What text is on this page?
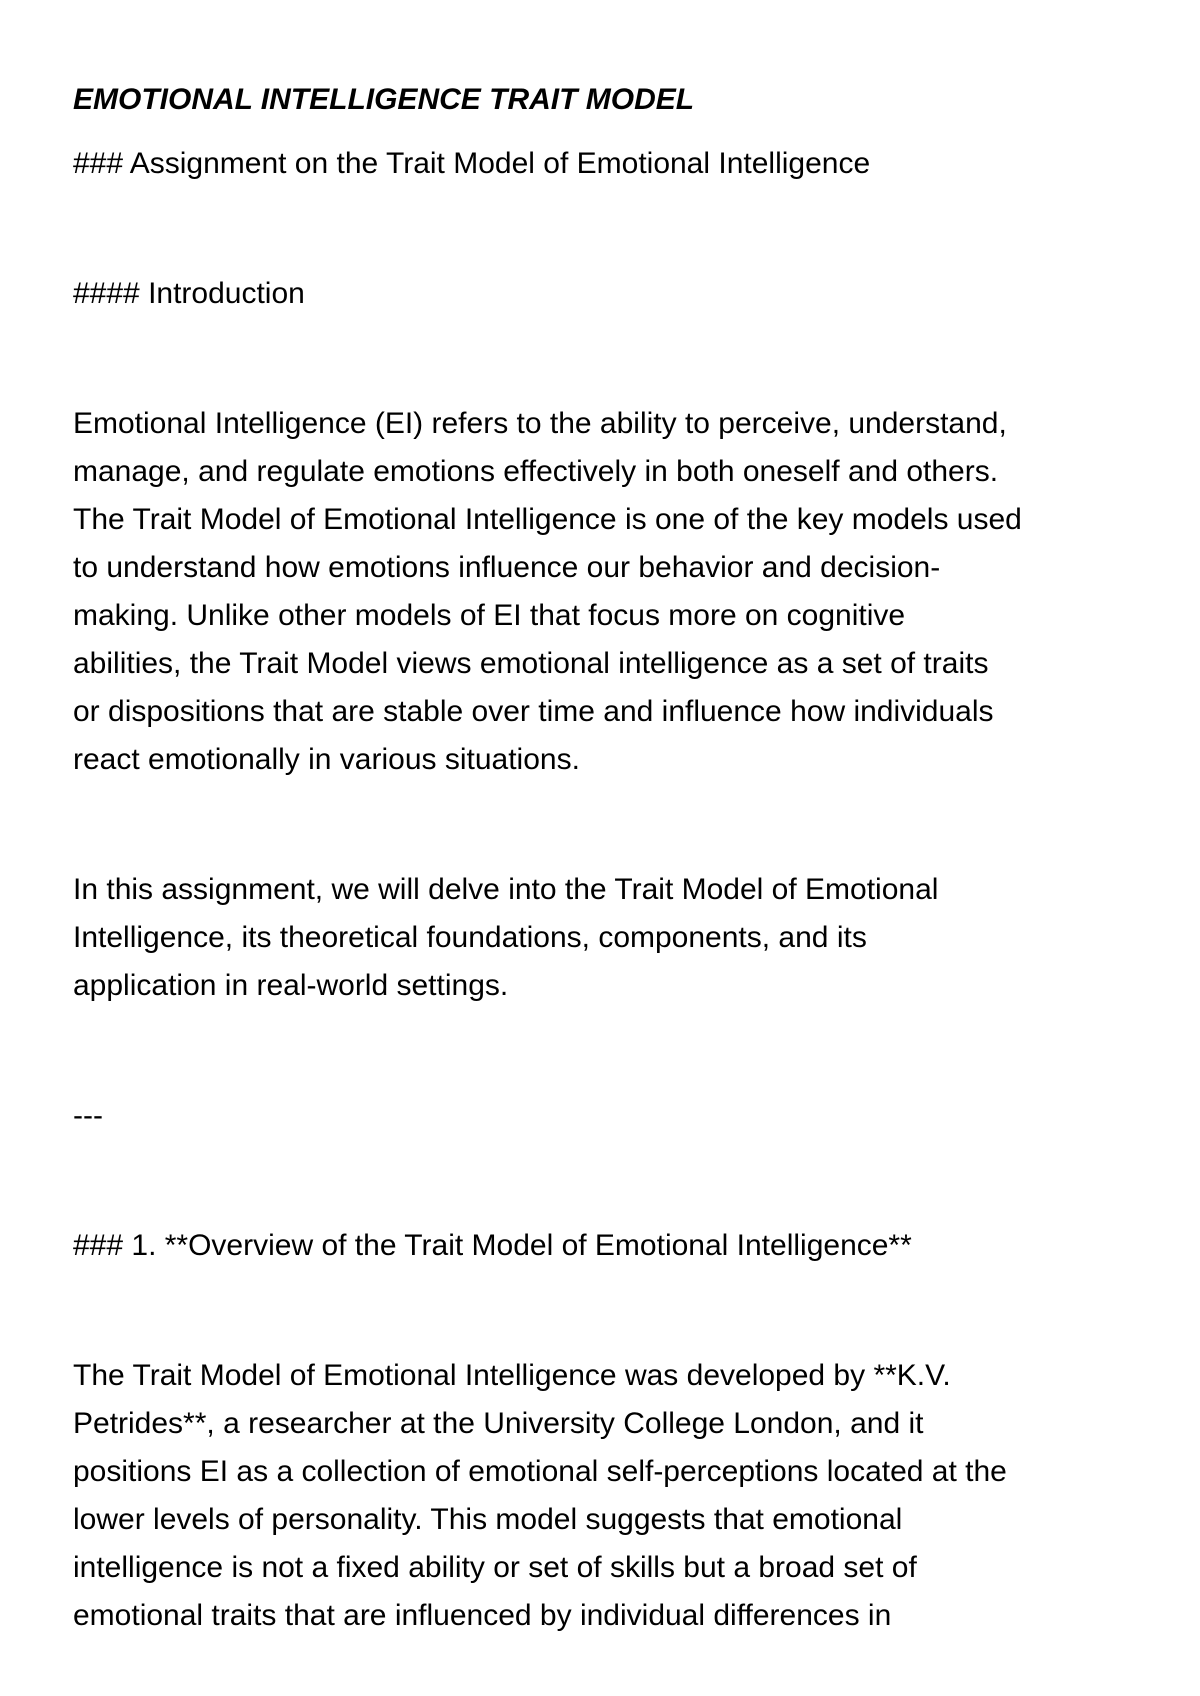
EMOTIONAL INTELLIGENCE TRAIT MODEL

### Assignment on the Trait Model of Emotional Intelligence

#### Introduction

Emotional Intelligence (EI) refers to the ability to perceive, understand,

manage, and regulate emotions effectively in both oneself and others.

The Trait Model of Emotional Intelligence is one of the key models used

to understand how emotions influence our behavior and decision-

making. Unlike other models of EI that focus more on cognitive

abilities, the Trait Model views emotional intelligence as a set of traits

or dispositions that are stable over time and influence how individuals

react emotionally in various situations.

In this assignment, we will delve into the Trait Model of Emotional

Intelligence, its theoretical foundations, components, and its

application in real-world settings.

---

### 1. **Overview of the Trait Model of Emotional Intelligence**

The Trait Model of Emotional Intelligence was developed by **K.V.

Petrides**, a researcher at the University College London, and it

positions EI as a collection of emotional self-perceptions located at the

lower levels of personality. This model suggests that emotional

intelligence is not a fixed ability or set of skills but a broad set of

emotional traits that are influenced by individual differences in
